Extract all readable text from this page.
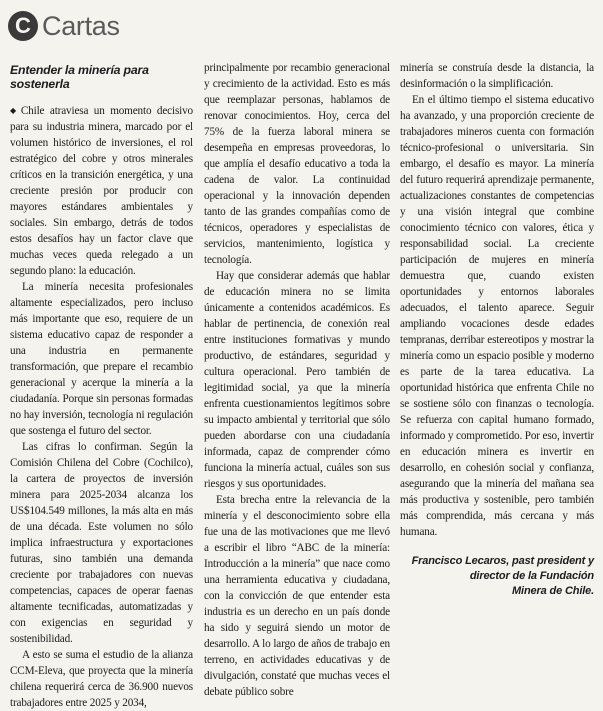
C Cartas
Entender la minería para sostenerla

◆ Chile atraviesa un momento decisivo para su industria minera, marcado por el volumen histórico de inversiones, el rol estratégico del cobre y otros minerales críticos en la transición energética, y una creciente presión por producir con mayores estándares ambientales y sociales. Sin embargo, detrás de todos estos desafíos hay un factor clave que muchas veces queda relegado a un segundo plano: la educación.

La minería necesita profesionales altamente especializados, pero incluso más importante que eso, requiere de un sistema educativo capaz de responder a una industria en permanente transformación, que prepare el recambio generacional y acerque la minería a la ciudadanía. Porque sin personas formadas no hay inversión, tecnología ni regulación que sostenga el futuro del sector.

Las cifras lo confirman. Según la Comisión Chilena del Cobre (Cochilco), la cartera de proyectos de inversión minera para 2025-2034 alcanza los US$104.549 millones, la más alta en más de una década. Este volumen no sólo implica infraestructura y exportaciones futuras, sino también una demanda creciente por trabajadores con nuevas competencias, capaces de operar faenas altamente tecnificadas, automatizadas y con exigencias en seguridad y sostenibilidad.

A esto se suma el estudio de la alianza CCM-Eleva, que proyecta que la minería chilena requerirá cerca de 36.900 nuevos trabajadores entre 2025 y 2034,

principalmente por recambio generacional y crecimiento de la actividad. Esto es más que reemplazar personas, hablamos de renovar conocimientos. Hoy, cerca del 75% de la fuerza laboral minera se desempeña en empresas proveedoras, lo que amplía el desafío educativo a toda la cadena de valor. La continuidad operacional y la innovación dependen tanto de las grandes compañías como de técnicos, operadores y especialistas de servicios, mantenimiento, logística y tecnología.

Hay que considerar además que hablar de educación minera no se limita únicamente a contenidos académicos. Es hablar de pertinencia, de conexión real entre instituciones formativas y mundo productivo, de estándares, seguridad y cultura operacional. Pero también de legitimidad social, ya que la minería enfrenta cuestionamientos legítimos sobre su impacto ambiental y territorial que sólo pueden abordarse con una ciudadanía informada, capaz de comprender cómo funciona la minería actual, cuáles son sus riesgos y sus oportunidades.

Esta brecha entre la relevancia de la minería y el desconocimiento sobre ella fue una de las motivaciones que me llevó a escribir el libro “ABC de la minería: Introducción a la minería” que nace como una herramienta educativa y ciudadana, con la convicción de que entender esta industria es un derecho en un país donde ha sido y seguirá siendo un motor de desarrollo. A lo largo de años de trabajo en terreno, en actividades educativas y de divulgación, constaté que muchas veces el debate público sobre

minería se construía desde la distancia, la desinformación o la simplificación.

En el último tiempo el sistema educativo ha avanzado, y una proporción creciente de trabajadores mineros cuenta con formación técnico-profesional o universitaria. Sin embargo, el desafío es mayor. La minería del futuro requerirá aprendizaje permanente, actualizaciones constantes de competencias y una visión integral que combine conocimiento técnico con valores, ética y responsabilidad social. La creciente participación de mujeres en minería demuestra que, cuando existen oportunidades y entornos laborales adecuados, el talento aparece. Seguir ampliando vocaciones desde edades tempranas, derribar estereotipos y mostrar la minería como un espacio posible y moderno es parte de la tarea educativa. La oportunidad histórica que enfrenta Chile no se sostiene sólo con finanzas o tecnología. Se refuerza con capital humano formado, informado y comprometido. Por eso, invertir en educación minera es invertir en desarrollo, en cohesión social y confianza, asegurando que la minería del mañana sea más productiva y sostenible, pero también más comprendida, más cercana y más humana.

Francisco Lecaros, past president y
director de la Fundación
Minera de Chile.
